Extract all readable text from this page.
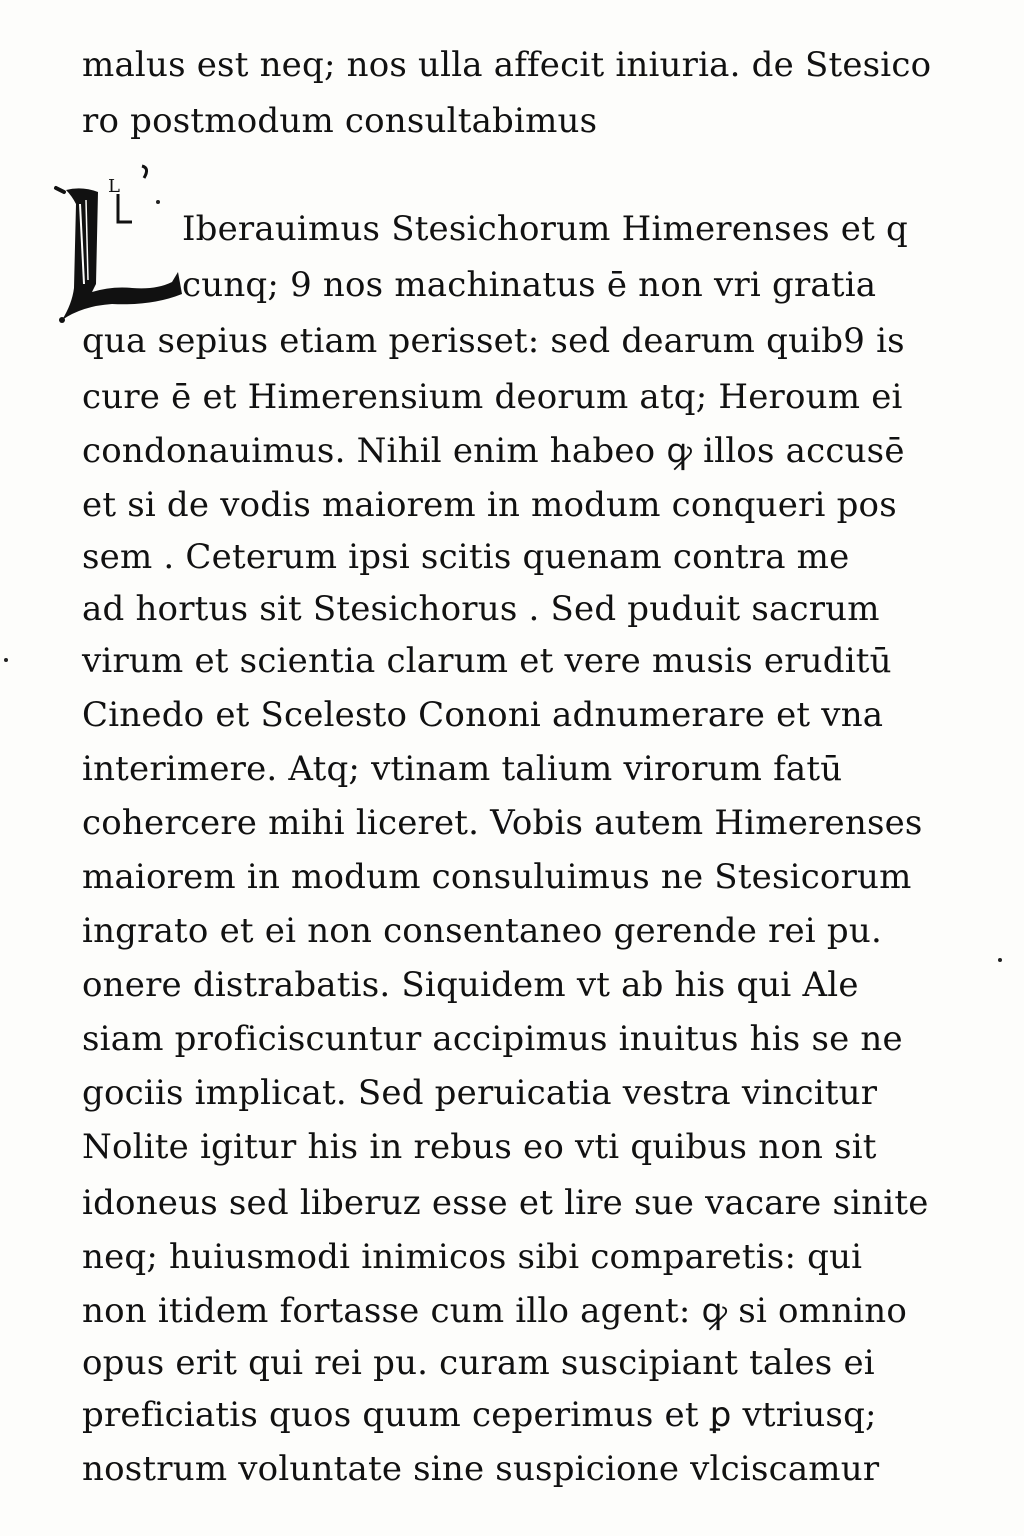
L
malus est neq; nos ulla affecit iniuria. de Stesico
ro postmodum consultabimus
Iberauimus Stesichorum Himerenses et q
cunq; 9 nos machinatus ē non vri gratia
qua sepius etiam perisset: sed dearum quib9 is
cure ē et Himerensium deorum atq; Heroum ei
condonauimus. Nihil enim habeo ꝙ illos accusē
et si de vodis maiorem in modum conqueri pos
sem . Ceterum ipsi scitis quenam contra me
ad hortus sit Stesichorus . Sed puduit sacrum
virum et scientia clarum et vere musis eruditū
Cinedo et Scelesto Cononi adnumerare et vna
interimere. Atq; vtinam talium virorum fatū
cohercere mihi liceret. Vobis autem Himerenses
maiorem in modum consuluimus ne Stesicorum
ingrato et ei non consentaneo gerende rei pu.
onere distrabatis. Siquidem vt ab his qui Ale
siam proficiscuntur accipimus inuitus his se ne
gociis implicat. Sed peruicatia vestra vincitur
Nolite igitur his in rebus eo vti quibus non sit
idoneus sed liberuz esse et lire sue vacare sinite
neq; huiusmodi inimicos sibi comparetis: qui
non itidem fortasse cum illo agent: ꝙ si omnino
opus erit qui rei pu. curam suscipiant tales ei
preficiatis quos quum ceperimus et ꝑ vtriusq;
nostrum voluntate sine suspicione vlciscamur
